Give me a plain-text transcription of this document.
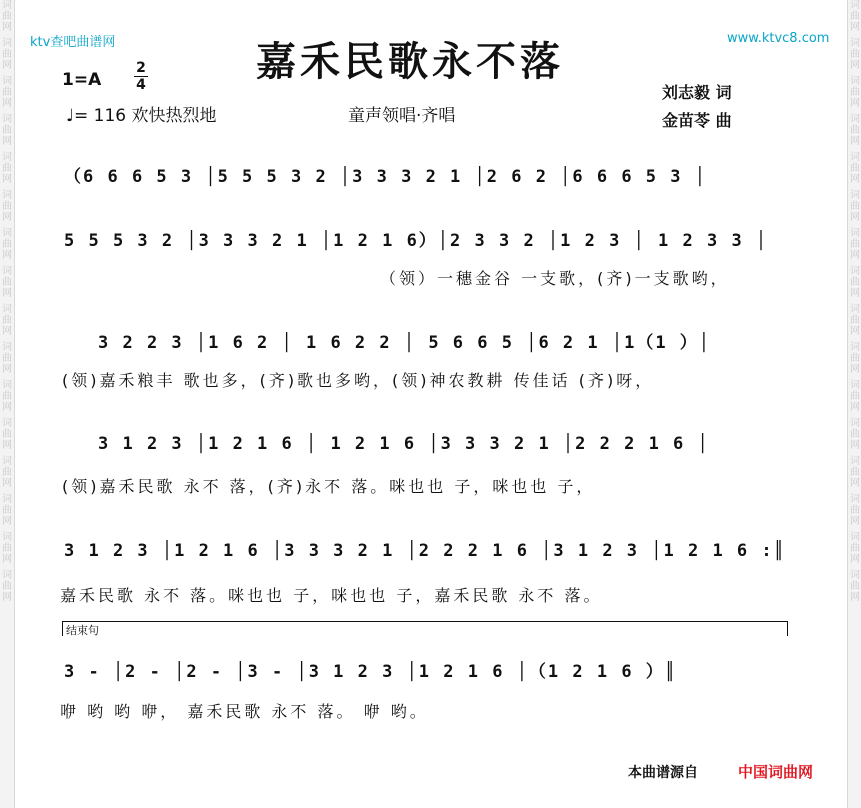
词
曲
网
词
曲
网
词
曲
网
词
曲
网
词
曲
网
词
曲
网
词
曲
网
词
曲
网
词
曲
网
词
曲
网
词
曲
网
词
曲
网
词
曲
网
词
曲
网
词
曲
网
词
曲
网
词
曲
网
词
曲
网
词
曲
网
词
曲
网
词
曲
网
词
曲
网
词
曲
网
词
曲
网
词
曲
网
词
曲
网
词
曲
网
词
曲
网
词
曲
网
词
曲
网
词
曲
网
词
曲
网
ktv查吧曲谱网	www.ktvc8.com
嘉禾民歌永不落
1=A
2

4
♩= 116 欢快热烈地	童声领唱·齐唱
刘志毅 词
金苗苓 曲
（6 6 6 5 3 │5 5 5 3 2 │3 3 3 2 1 │2 6 2 │6 6 6 5 3 │
5 5 5 3 2 │3 3 3 2 1 │1 2 1 6）│2 3 3 2 │1 2 3 │ 1 2 3 3 │
（领）一穗金谷 一支歌，(齐)一支歌哟，
3 2 2 3 │1 6 2 │ 1 6 2 2 │ 5 6 6 5 │6 2 1 │1（1 ）│
(领)嘉禾粮丰 歌也多，(齐)歌也多哟，(领)神农教耕 传佳话 (齐)呀，
3 1 2 3 │1 2 1 6 │ 1 2 1 6 │3 3 3 2 1 │2 2 2 1 6 │
(领)嘉禾民歌 永不 落，(齐)永不 落。咪也也 子，咪也也 子，
3 1 2 3 │1 2 1 6 │3 3 3 2 1 │2 2 2 1 6 │3 1 2 3 │1 2 1 6 :║
嘉禾民歌 永不 落。咪也也 子，咪也也 子，嘉禾民歌 永不 落。
结束句
3 - │2 - │2 - │3 - │3 1 2 3 │1 2 1 6 │（1 2 1 6 ）║
咿 哟 哟 咿， 嘉禾民歌 永不 落。 咿 哟。
本曲谱源自	中国词曲网
